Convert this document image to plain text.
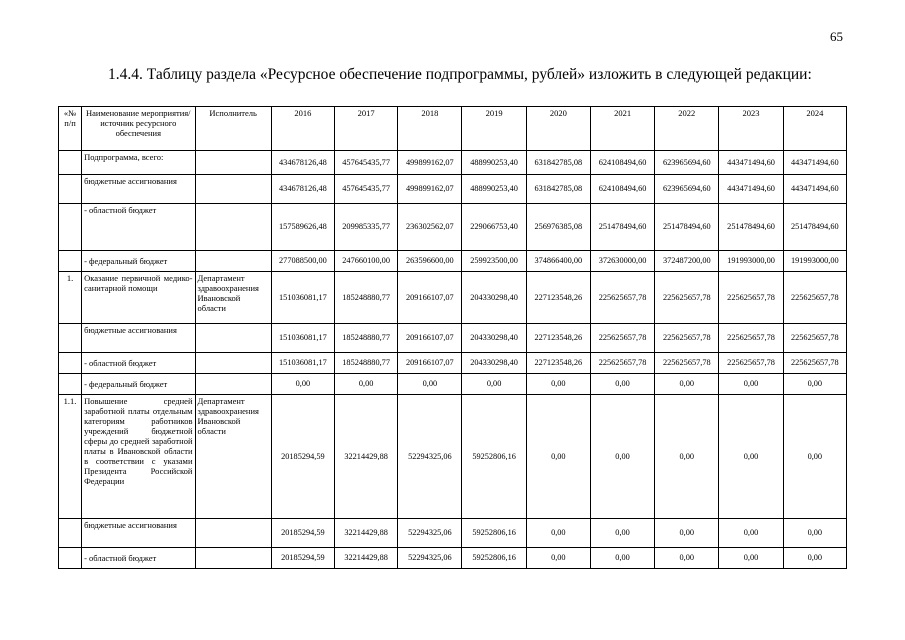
65
1.4.4. Таблицу раздела «Ресурсное обеспечение подпрограммы, рублей» изложить в следующей редакции:
«№ п/п	Наименование мероприятия/источник ресурсного обеспечения	Исполнитель	2016	2017	2018	2019	2020	2021	2022	2023	2024
	Подпрограмма, всего:		434678126,48	457645435,77	499899162,07	488990253,40	631842785,08	624108494,60	623965694,60	443471494,60	443471494,60
	бюджетные ассигнования		434678126,48	457645435,77	499899162,07	488990253,40	631842785,08	624108494,60	623965694,60	443471494,60	443471494,60
	- областной бюджет		157589626,48	209985335,77	236302562,07	229066753,40	256976385,08	251478494,60	251478494,60	251478494,60	251478494,60
	- федеральный бюджет		277088500,00	247660100,00	263596600,00	259923500,00	374866400,00	372630000,00	372487200,00	191993000,00	191993000,00
1.	Оказание первичной медико-санитарной помощи	Департамент здравоохранения Ивановской области	151036081,17	185248880,77	209166107,07	204330298,40	227123548,26	225625657,78	225625657,78	225625657,78	225625657,78
	бюджетные ассигнования		151036081,17	185248880,77	209166107,07	204330298,40	227123548,26	225625657,78	225625657,78	225625657,78	225625657,78
	- областной бюджет		151036081,17	185248880,77	209166107,07	204330298,40	227123548,26	225625657,78	225625657,78	225625657,78	225625657,78
	- федеральный бюджет		0,00	0,00	0,00	0,00	0,00	0,00	0,00	0,00	0,00
1.1.	Повышение средней заработной платы отдельным категориям работников учреждений бюджетной сферы до средней заработной платы в Ивановской области в соответствии с указами Президента Российской Федерации	Департамент здравоохранения Ивановской области	20185294,59	32214429,88	52294325,06	59252806,16	0,00	0,00	0,00	0,00	0,00
	бюджетные ассигнования		20185294,59	32214429,88	52294325,06	59252806,16	0,00	0,00	0,00	0,00	0,00
	- областной бюджет		20185294,59	32214429,88	52294325,06	59252806,16	0,00	0,00	0,00	0,00	0,00
